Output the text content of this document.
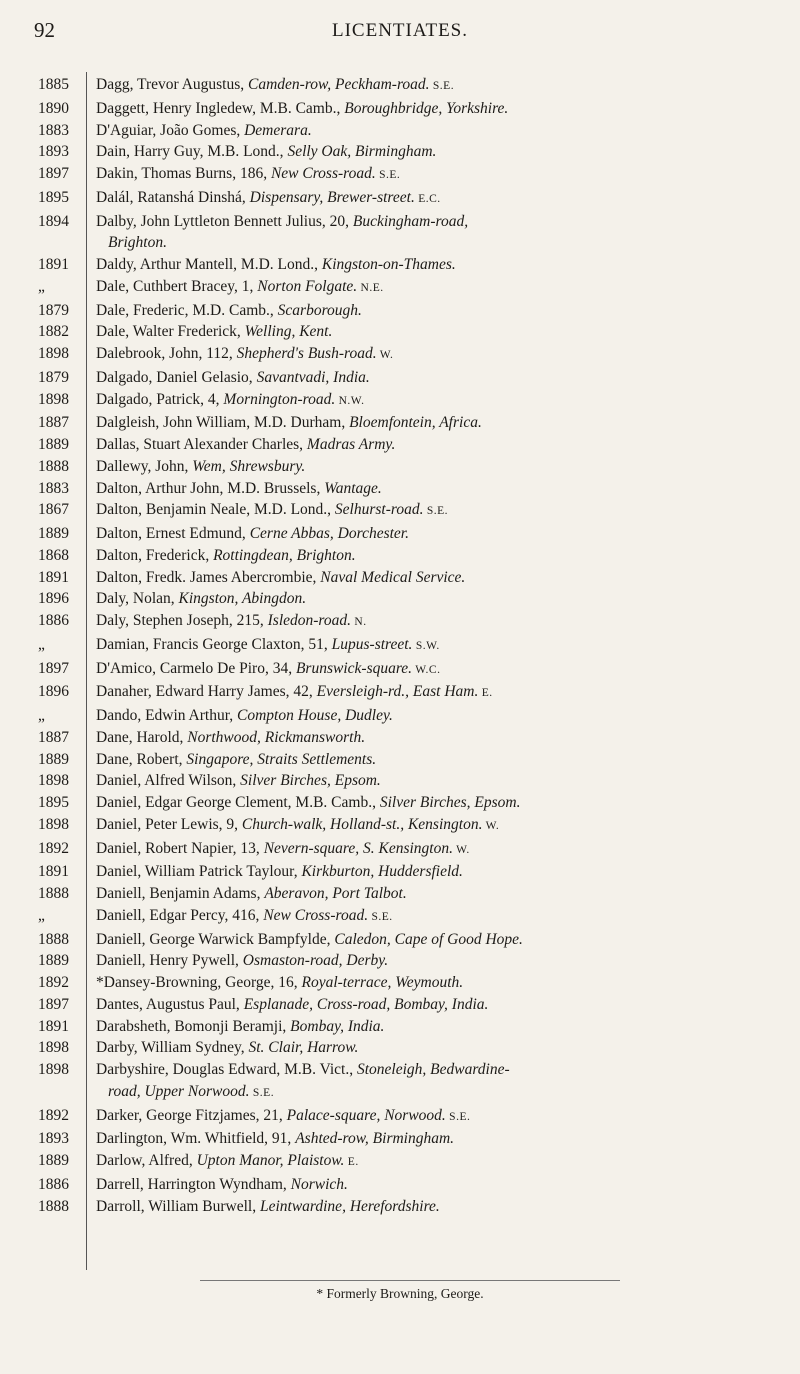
92	LICENTIATES.
1885	Dagg, Trevor Augustus, Camden-row, Peckham-road. S.E.
1890	Daggett, Henry Ingledew, M.B. Camb., Boroughbridge, Yorkshire.
1883	D'Aguiar, João Gomes, Demerara.
1893	Dain, Harry Guy, M.B. Lond., Selly Oak, Birmingham.
1897	Dakin, Thomas Burns, 186, New Cross-road. S.E.
1895	Dalál, Ratanshá Dinshá, Dispensary, Brewer-street. E.C.
1894	Dalby, John Lyttleton Bennett Julius, 20, Buckingham-road,
Brighton.
1891	Daldy, Arthur Mantell, M.D. Lond., Kingston-on-Thames.
„	Dale, Cuthbert Bracey, 1, Norton Folgate. N.E.
1879	Dale, Frederic, M.D. Camb., Scarborough.
1882	Dale, Walter Frederick, Welling, Kent.
1898	Dalebrook, John, 112, Shepherd's Bush-road. W.
1879	Dalgado, Daniel Gelasio, Savantvadi, India.
1898	Dalgado, Patrick, 4, Mornington-road. N.W.
1887	Dalgleish, John William, M.D. Durham, Bloemfontein, Africa.
1889	Dallas, Stuart Alexander Charles, Madras Army.
1888	Dallewy, John, Wem, Shrewsbury.
1883	Dalton, Arthur John, M.D. Brussels, Wantage.
1867	Dalton, Benjamin Neale, M.D. Lond., Selhurst-road. S.E.
1889	Dalton, Ernest Edmund, Cerne Abbas, Dorchester.
1868	Dalton, Frederick, Rottingdean, Brighton.
1891	Dalton, Fredk. James Abercrombie, Naval Medical Service.
1896	Daly, Nolan, Kingston, Abingdon.
1886	Daly, Stephen Joseph, 215, Isledon-road. N.
„	Damian, Francis George Claxton, 51, Lupus-street. S.W.
1897	D'Amico, Carmelo De Piro, 34, Brunswick-square. W.C.
1896	Danaher, Edward Harry James, 42, Eversleigh-rd., East Ham. E.
„	Dando, Edwin Arthur, Compton House, Dudley.
1887	Dane, Harold, Northwood, Rickmansworth.
1889	Dane, Robert, Singapore, Straits Settlements.
1898	Daniel, Alfred Wilson, Silver Birches, Epsom.
1895	Daniel, Edgar George Clement, M.B. Camb., Silver Birches, Epsom.
1898	Daniel, Peter Lewis, 9, Church-walk, Holland-st., Kensington. W.
1892	Daniel, Robert Napier, 13, Nevern-square, S. Kensington. W.
1891	Daniel, William Patrick Taylour, Kirkburton, Huddersfield.
1888	Daniell, Benjamin Adams, Aberavon, Port Talbot.
„	Daniell, Edgar Percy, 416, New Cross-road. S.E.
1888	Daniell, George Warwick Bampfylde, Caledon, Cape of Good Hope.
1889	Daniell, Henry Pywell, Osmaston-road, Derby.
1892	*Dansey-Browning, George, 16, Royal-terrace, Weymouth.
1897	Dantes, Augustus Paul, Esplanade, Cross-road, Bombay, India.
1891	Darabsheth, Bomonji Beramji, Bombay, India.
1898	Darby, William Sydney, St. Clair, Harrow.
1898	Darbyshire, Douglas Edward, M.B. Vict., Stoneleigh, Bedwardine-
road, Upper Norwood. S.E.
1892	Darker, George Fitzjames, 21, Palace-square, Norwood. S.E.
1893	Darlington, Wm. Whitfield, 91, Ashted-row, Birmingham.
1889	Darlow, Alfred, Upton Manor, Plaistow. E.
1886	Darrell, Harrington Wyndham, Norwich.
1888	Darroll, William Burwell, Leintwardine, Herefordshire.
* Formerly Browning, George.
